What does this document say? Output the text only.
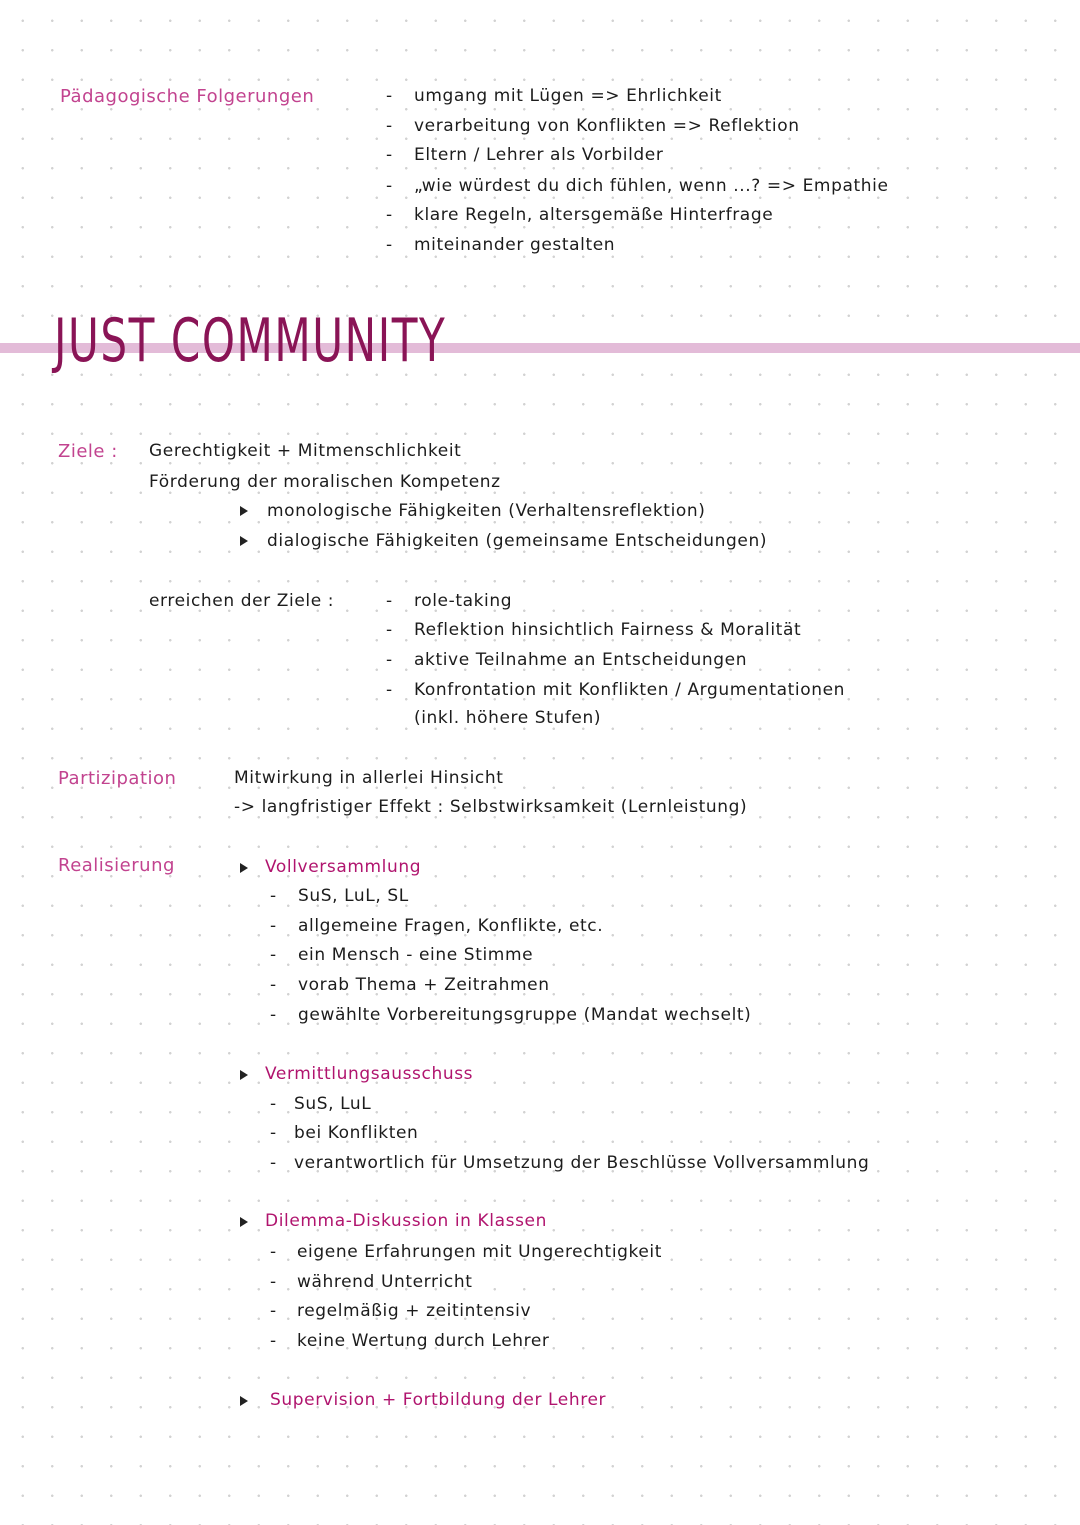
Pädagogische Folgerungen	- umgang mit Lügen => Ehrlichkeit
- verarbeitung von Konflikten => Reflektion
- Eltern / Lehrer als Vorbilder
- „wie würdest du dich fühlen, wenn ...? => Empathie
- klare Regeln, altersgemäße Hinterfrage
- miteinander gestalten
JUST COMMUNITY
Ziele : Gerechtigkeit + Mitmenschlichkeit
Förderung der moralischen Kompetenz
monologische Fähigkeiten (Verhaltensreflektion)
dialogische Fähigkeiten (gemeinsame Entscheidungen)
erreichen der Ziele :	- role-taking
- Reflektion hinsichtlich Fairness & Moralität
- aktive Teilnahme an Entscheidungen
- Konfrontation mit Konflikten / Argumentationen
(inkl. höhere Stufen)
Partizipation	Mitwirkung in allerlei Hinsicht
-> langfristiger Effekt : Selbstwirksamkeit (Lernleistung)
Realisierung	Vollversammlung
- SuS, LuL, SL
- allgemeine Fragen, Konflikte, etc.
- ein Mensch - eine Stimme
- vorab Thema + Zeitrahmen
- gewählte Vorbereitungsgruppe (Mandat wechselt)
Vermittlungsausschuss
- SuS, LuL
- bei Konflikten
- verantwortlich für Umsetzung der Beschlüsse Vollversammlung
Dilemma-Diskussion in Klassen
- eigene Erfahrungen mit Ungerechtigkeit
- während Unterricht
- regelmäßig + zeitintensiv
- keine Wertung durch Lehrer
Supervision + Fortbildung der Lehrer
